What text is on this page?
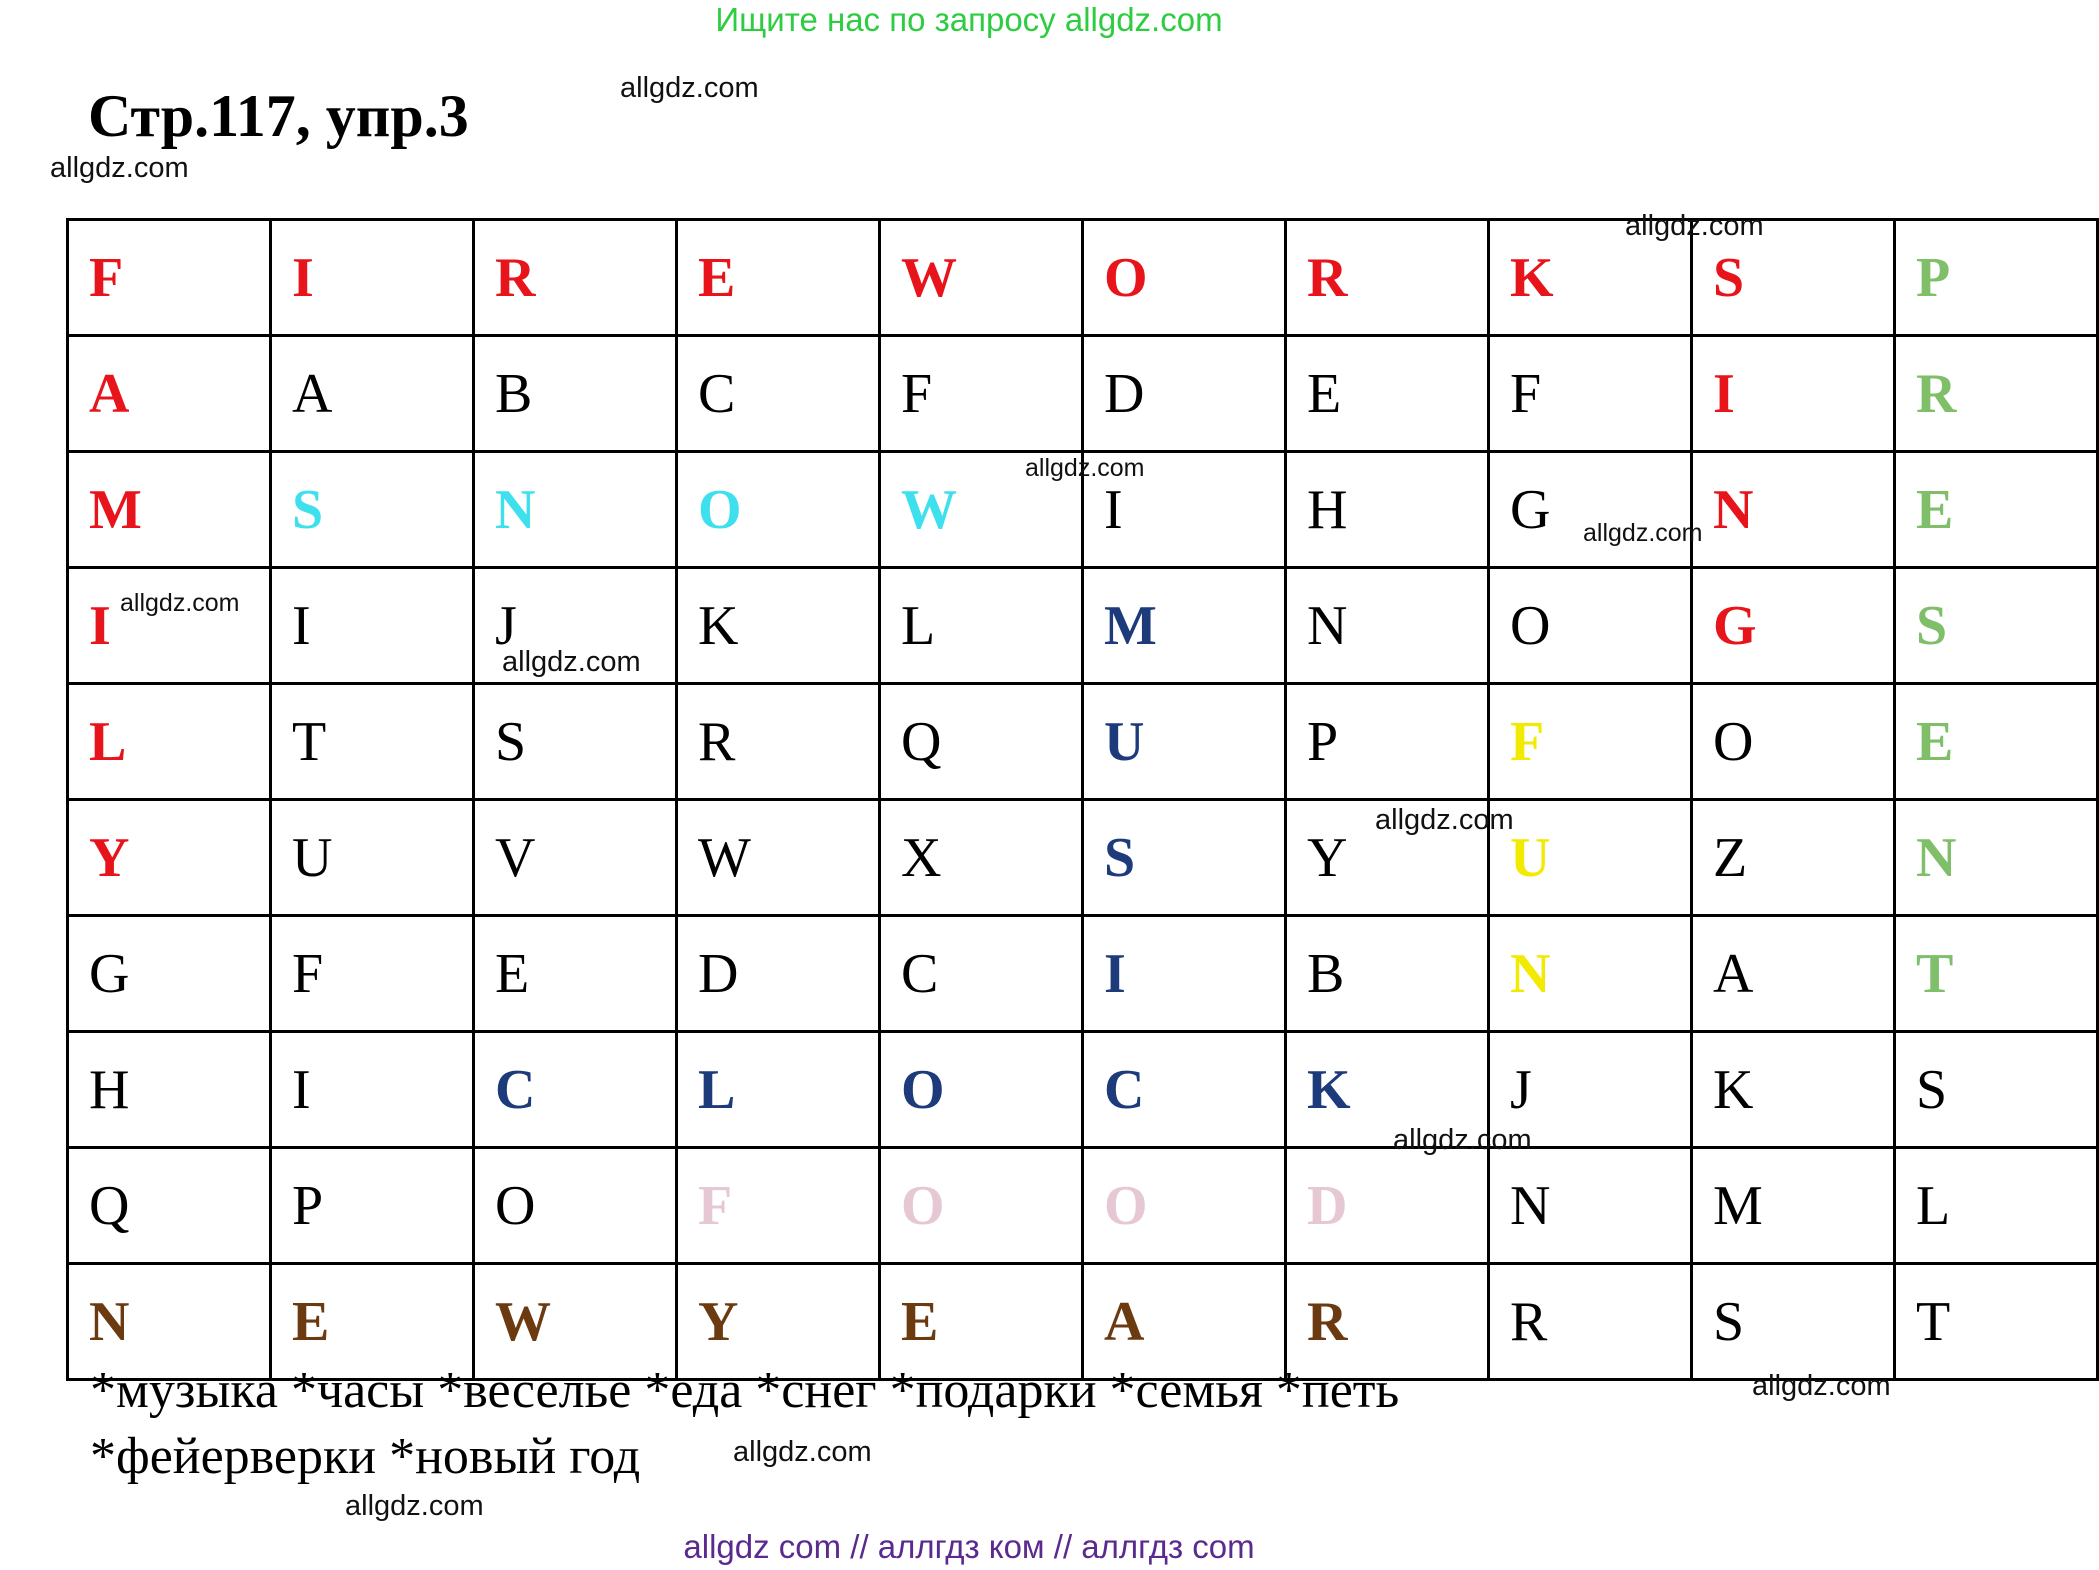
Ищите нас по запросу allgdz.com
Стр.117, упр.3	allgdz.com
allgdz.com
F	I	R	E	W	O	R	K	S	P
A	A	B	C	F	D	E	F	I	R
M	S	N	O	W	I	H	G	N	E
I	I	J	K	L	M	N	O	G	S
L	T	S	R	Q	U	P	F	O	E
Y	U	V	W	X	S	Y	U	Z	N
G	F	E	D	C	I	B	N	A	T
H	I	C	L	O	C	K	J	K	S
Q	P	O	F	O	O	D	N	M	L
N	E	W	Y	E	A	R	R	S	T
allgdz.com
allgdz.com
allgdz.com
allgdz.com
allgdz.com
allgdz.com
allgdz.com
allgdz.com
allgdz.com
allgdz.com
*музыка *часы *веселье *еда *снег *подарки *семья *петь
*фейерверки *новый год
allgdz com // аллгдз ком // аллгдз com
